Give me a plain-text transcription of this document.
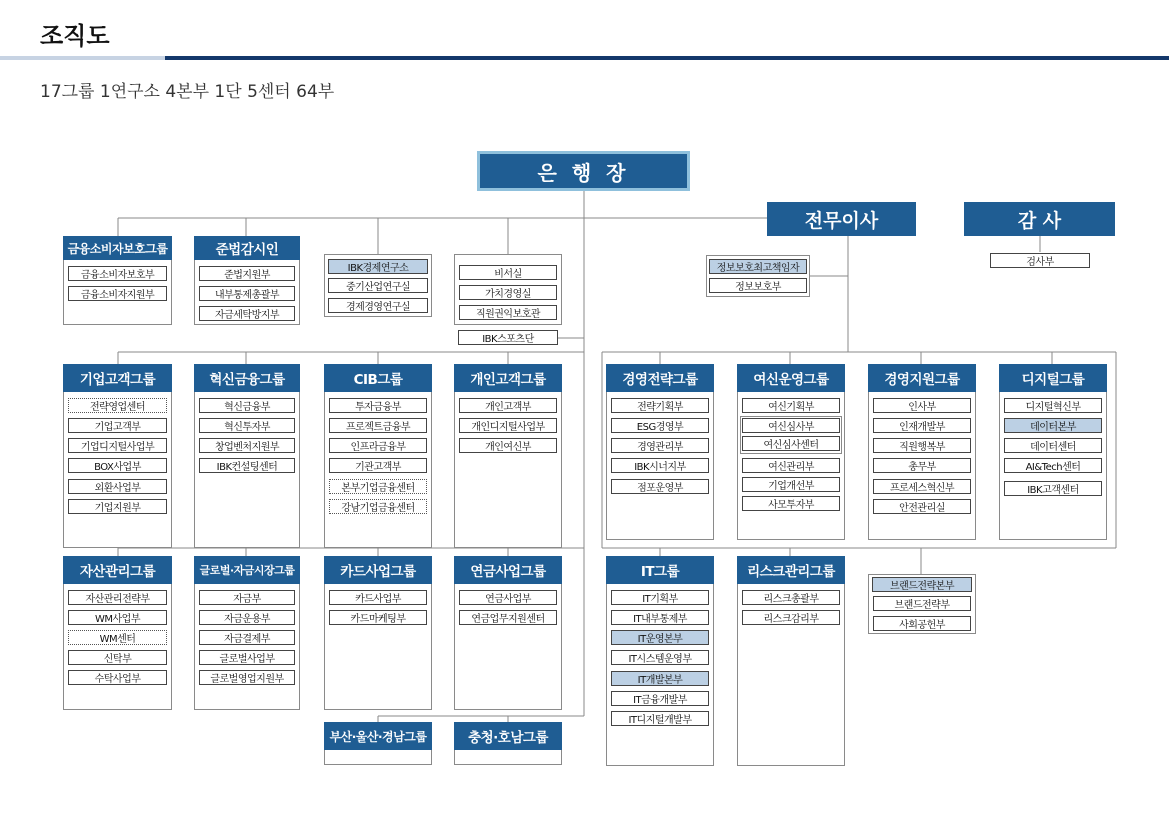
조직도
17그룹 1연구소 4본부 1단 5센터 64부
은 행 장
전무이사	감 사
검사부
정보보호최고책임자
정보보호부
금융소비자보호그룹
금융소비자보호부
금융소비자지원부
준법감시인
준법지원부
내부통제총괄부
자금세탁방지부
IBK경제연구소
중기산업연구실
경제경영연구실
비서실
가치경영실
직원권익보호관
IBK스포츠단
기업고객그룹
전략영업센터
기업고객부
기업디지털사업부
BOX사업부
외환사업부
기업지원부
혁신금융그룹
혁신금융부
혁신투자부
창업벤처지원부
IBK컨설팅센터
CIB그룹
투자금융부
프로젝트금융부
인프라금융부
기관고객부
본부기업금융센터
강남기업금융센터
개인고객그룹
개인고객부
개인디지털사업부
개인여신부
자산관리그룹
자산관리전략부
WM사업부
WM센터
신탁부
수탁사업부
글로벌·자금시장그룹
자금부
자금운용부
자금결제부
글로벌사업부
글로벌영업지원부
카드사업그룹
카드사업부
카드마케팅부
연금사업그룹
연금사업부
연금업무지원센터
부산·울산·경남그룹	충청·호남그룹
경영전략그룹
전략기획부
ESG경영부
경영관리부
IBK시너지부
점포운영부
여신운영그룹
여신기획부
여신심사부
여신심사센터
여신관리부
기업개선부
사모투자부
경영지원그룹
인사부
인재개발부
직원행복부
총무부
프로세스혁신부
안전관리실
디지털그룹
디지털혁신부
데이터본부
데이터센터
AI&Tech센터
IBK고객센터
IT그룹
IT기획부
IT내부통제부
IT운영본부
IT시스템운영부
IT개발본부
IT금융개발부
IT디지털개발부
리스크관리그룹
리스크총괄부
리스크감리부
브랜드전략본부
브랜드전략부
사회공헌부
